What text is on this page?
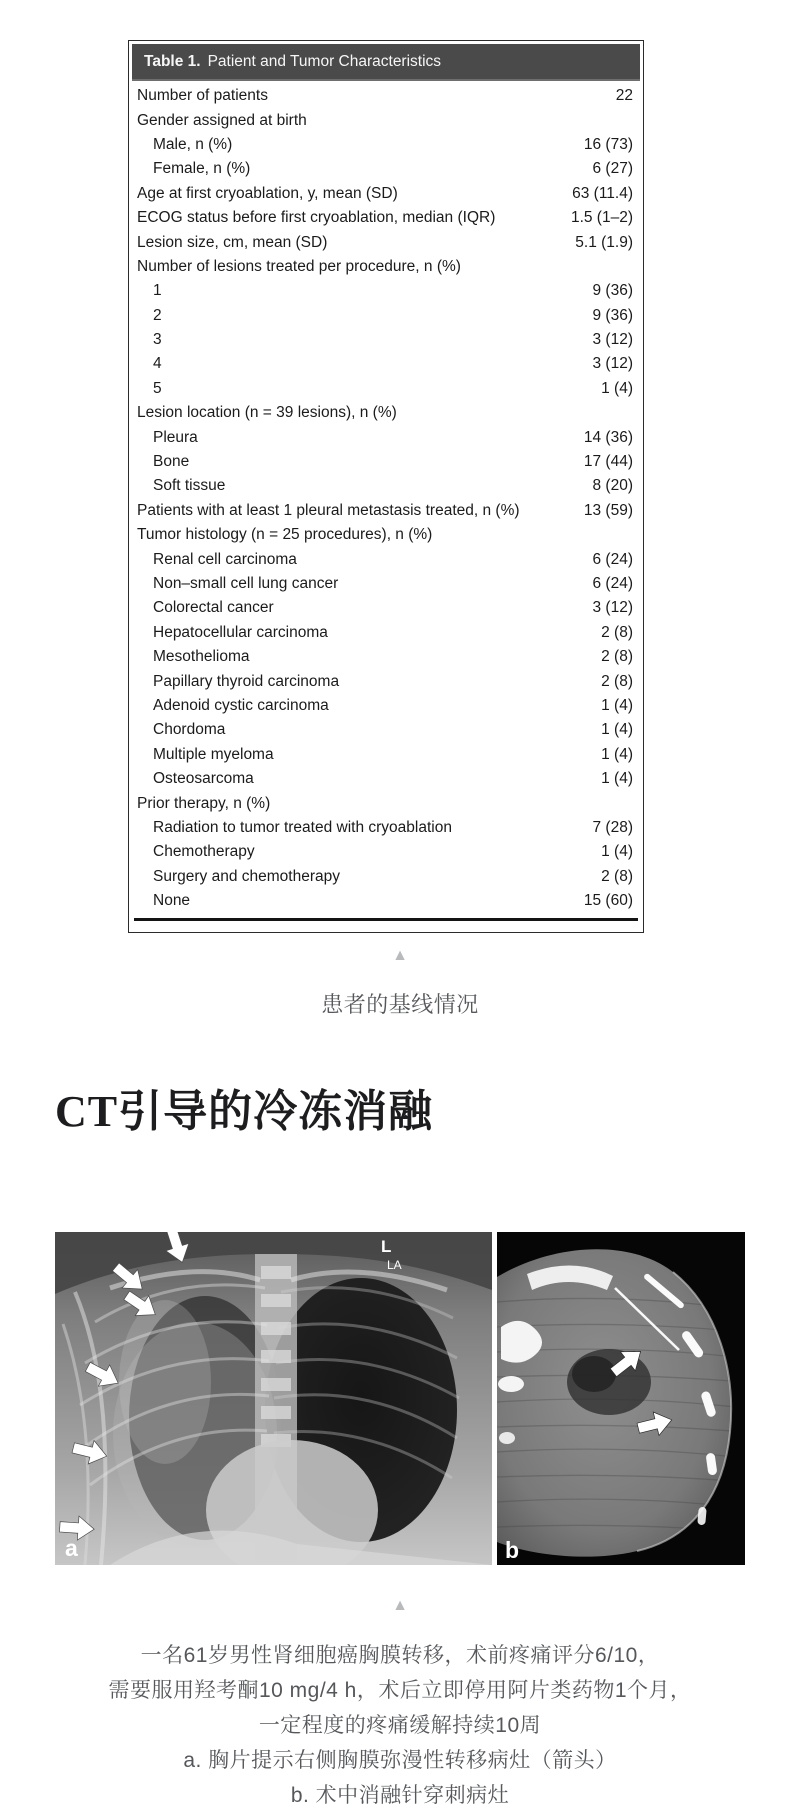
Table 1. Patient and Tumor Characteristics
Number of patients	22
Gender assigned at birth
Male, n (%)	16 (73)
Female, n (%)	6 (27)
Age at first cryoablation, y, mean (SD)	63 (11.4)
ECOG status before first cryoablation, median (IQR)	1.5 (1–2)
Lesion size, cm, mean (SD)	5.1 (1.9)
Number of lesions treated per procedure, n (%)
1	9 (36)
2	9 (36)
3	3 (12)
4	3 (12)
5	1 (4)
Lesion location (n = 39 lesions), n (%)
Pleura	14 (36)
Bone	17 (44)
Soft tissue	8 (20)
Patients with at least 1 pleural metastasis treated, n (%)	13 (59)
Tumor histology (n = 25 procedures), n (%)
Renal cell carcinoma	6 (24)
Non–small cell lung cancer	6 (24)
Colorectal cancer	3 (12)
Hepatocellular carcinoma	2 (8)
Mesothelioma	2 (8)
Papillary thyroid carcinoma	2 (8)
Adenoid cystic carcinoma	1 (4)
Chordoma	1 (4)
Multiple myeloma	1 (4)
Osteosarcoma	1 (4)
Prior therapy, n (%)
Radiation to tumor treated with cryoablation	7 (28)
Chemotherapy	1 (4)
Surgery and chemotherapy	2 (8)
None	15 (60)
▲
患者的基线情况
CT引导的冷冻消融
L
LA
a	b
▲
一名61岁男性肾细胞癌胸膜转移，术前疼痛评分6/10，
需要服用羟考酮10 mg/4 h，术后立即停用阿片类药物1个月，
一定程度的疼痛缓解持续10周
a. 胸片提示右侧胸膜弥漫性转移病灶（箭头）
b. 术中消融针穿刺病灶
